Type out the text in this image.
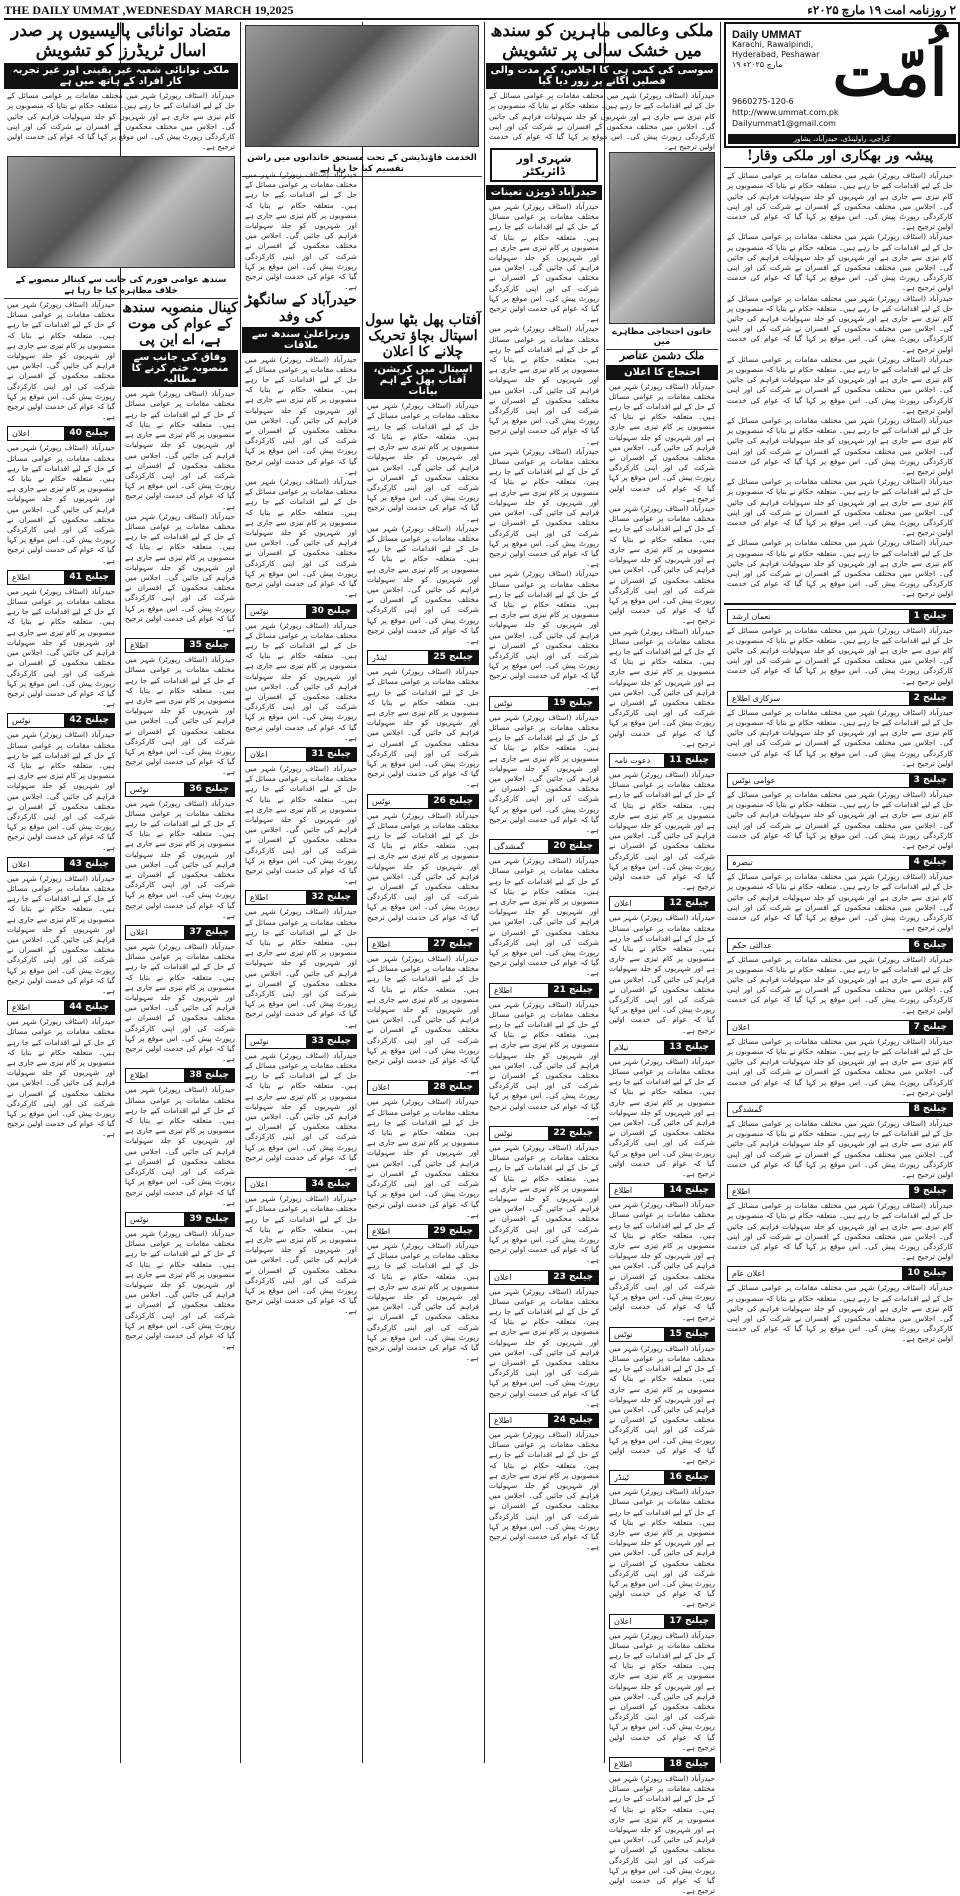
THE DAILY UMMAT ,WEDNESDAY MARCH 19,2025	۲ روزنامہ امت ۱۹ مارچ ۲۰۲۵ء
اُمّت
Daily UMMAT
Karachi, Rawalpindi, Hyderabad, Peshawar
۱۹ مارچ ۲۰۲۵ء
9660275-120-6
http://www.ummat.com.pk
Dailyummat1@gmail.com
کراچی، راولپنڈی، حیدرآباد، پشاور
پیشہ ور بھکاری اور ملکی وقار!
حیدرآباد (اسٹاف رپورٹر) شہر میں مختلف مقامات پر عوامی مسائل کے حل کے لیے اقدامات کیے جا رہے ہیں۔ متعلقہ حکام نے بتایا کہ منصوبوں پر کام تیزی سے جاری ہے اور شہریوں کو جلد سہولیات فراہم کی جائیں گی۔ اجلاس میں مختلف محکموں کے افسران نے شرکت کی اور اپنی کارکردگی رپورٹ پیش کی۔ اس موقع پر کہا گیا کہ عوام کی خدمت اولین ترجیح ہے۔
حیدرآباد (اسٹاف رپورٹر) شہر میں مختلف مقامات پر عوامی مسائل کے حل کے لیے اقدامات کیے جا رہے ہیں۔ متعلقہ حکام نے بتایا کہ منصوبوں پر کام تیزی سے جاری ہے اور شہریوں کو جلد سہولیات فراہم کی جائیں گی۔ اجلاس میں مختلف محکموں کے افسران نے شرکت کی اور اپنی کارکردگی رپورٹ پیش کی۔ اس موقع پر کہا گیا کہ عوام کی خدمت اولین ترجیح ہے۔
حیدرآباد (اسٹاف رپورٹر) شہر میں مختلف مقامات پر عوامی مسائل کے حل کے لیے اقدامات کیے جا رہے ہیں۔ متعلقہ حکام نے بتایا کہ منصوبوں پر کام تیزی سے جاری ہے اور شہریوں کو جلد سہولیات فراہم کی جائیں گی۔ اجلاس میں مختلف محکموں کے افسران نے شرکت کی اور اپنی کارکردگی رپورٹ پیش کی۔ اس موقع پر کہا گیا کہ عوام کی خدمت اولین ترجیح ہے۔
حیدرآباد (اسٹاف رپورٹر) شہر میں مختلف مقامات پر عوامی مسائل کے حل کے لیے اقدامات کیے جا رہے ہیں۔ متعلقہ حکام نے بتایا کہ منصوبوں پر کام تیزی سے جاری ہے اور شہریوں کو جلد سہولیات فراہم کی جائیں گی۔ اجلاس میں مختلف محکموں کے افسران نے شرکت کی اور اپنی کارکردگی رپورٹ پیش کی۔ اس موقع پر کہا گیا کہ عوام کی خدمت اولین ترجیح ہے۔
حیدرآباد (اسٹاف رپورٹر) شہر میں مختلف مقامات پر عوامی مسائل کے حل کے لیے اقدامات کیے جا رہے ہیں۔ متعلقہ حکام نے بتایا کہ منصوبوں پر کام تیزی سے جاری ہے اور شہریوں کو جلد سہولیات فراہم کی جائیں گی۔ اجلاس میں مختلف محکموں کے افسران نے شرکت کی اور اپنی کارکردگی رپورٹ پیش کی۔ اس موقع پر کہا گیا کہ عوام کی خدمت اولین ترجیح ہے۔
حیدرآباد (اسٹاف رپورٹر) شہر میں مختلف مقامات پر عوامی مسائل کے حل کے لیے اقدامات کیے جا رہے ہیں۔ متعلقہ حکام نے بتایا کہ منصوبوں پر کام تیزی سے جاری ہے اور شہریوں کو جلد سہولیات فراہم کی جائیں گی۔ اجلاس میں مختلف محکموں کے افسران نے شرکت کی اور اپنی کارکردگی رپورٹ پیش کی۔ اس موقع پر کہا گیا کہ عوام کی خدمت اولین ترجیح ہے۔
حیدرآباد (اسٹاف رپورٹر) شہر میں مختلف مقامات پر عوامی مسائل کے حل کے لیے اقدامات کیے جا رہے ہیں۔ متعلقہ حکام نے بتایا کہ منصوبوں پر کام تیزی سے جاری ہے اور شہریوں کو جلد سہولیات فراہم کی جائیں گی۔ اجلاس میں مختلف محکموں کے افسران نے شرکت کی اور اپنی کارکردگی رپورٹ پیش کی۔ اس موقع پر کہا گیا کہ عوام کی خدمت اولین ترجیح ہے۔
نعمان ارشد	چیلنج 1
حیدرآباد (اسٹاف رپورٹر) شہر میں مختلف مقامات پر عوامی مسائل کے حل کے لیے اقدامات کیے جا رہے ہیں۔ متعلقہ حکام نے بتایا کہ منصوبوں پر کام تیزی سے جاری ہے اور شہریوں کو جلد سہولیات فراہم کی جائیں گی۔ اجلاس میں مختلف محکموں کے افسران نے شرکت کی اور اپنی کارکردگی رپورٹ پیش کی۔ اس موقع پر کہا گیا کہ عوام کی خدمت اولین ترجیح ہے۔
سرکاری اطلاع	چیلنج 2
حیدرآباد (اسٹاف رپورٹر) شہر میں مختلف مقامات پر عوامی مسائل کے حل کے لیے اقدامات کیے جا رہے ہیں۔ متعلقہ حکام نے بتایا کہ منصوبوں پر کام تیزی سے جاری ہے اور شہریوں کو جلد سہولیات فراہم کی جائیں گی۔ اجلاس میں مختلف محکموں کے افسران نے شرکت کی اور اپنی کارکردگی رپورٹ پیش کی۔ اس موقع پر کہا گیا کہ عوام کی خدمت اولین ترجیح ہے۔
عوامی نوٹس	چیلنج 3
حیدرآباد (اسٹاف رپورٹر) شہر میں مختلف مقامات پر عوامی مسائل کے حل کے لیے اقدامات کیے جا رہے ہیں۔ متعلقہ حکام نے بتایا کہ منصوبوں پر کام تیزی سے جاری ہے اور شہریوں کو جلد سہولیات فراہم کی جائیں گی۔ اجلاس میں مختلف محکموں کے افسران نے شرکت کی اور اپنی کارکردگی رپورٹ پیش کی۔ اس موقع پر کہا گیا کہ عوام کی خدمت اولین ترجیح ہے۔
تبصرہ	چیلنج 4
حیدرآباد (اسٹاف رپورٹر) شہر میں مختلف مقامات پر عوامی مسائل کے حل کے لیے اقدامات کیے جا رہے ہیں۔ متعلقہ حکام نے بتایا کہ منصوبوں پر کام تیزی سے جاری ہے اور شہریوں کو جلد سہولیات فراہم کی جائیں گی۔ اجلاس میں مختلف محکموں کے افسران نے شرکت کی اور اپنی کارکردگی رپورٹ پیش کی۔ اس موقع پر کہا گیا کہ عوام کی خدمت اولین ترجیح ہے۔
عدالتی حکم	چیلنج 6
حیدرآباد (اسٹاف رپورٹر) شہر میں مختلف مقامات پر عوامی مسائل کے حل کے لیے اقدامات کیے جا رہے ہیں۔ متعلقہ حکام نے بتایا کہ منصوبوں پر کام تیزی سے جاری ہے اور شہریوں کو جلد سہولیات فراہم کی جائیں گی۔ اجلاس میں مختلف محکموں کے افسران نے شرکت کی اور اپنی کارکردگی رپورٹ پیش کی۔ اس موقع پر کہا گیا کہ عوام کی خدمت اولین ترجیح ہے۔
اعلان	چیلنج 7
حیدرآباد (اسٹاف رپورٹر) شہر میں مختلف مقامات پر عوامی مسائل کے حل کے لیے اقدامات کیے جا رہے ہیں۔ متعلقہ حکام نے بتایا کہ منصوبوں پر کام تیزی سے جاری ہے اور شہریوں کو جلد سہولیات فراہم کی جائیں گی۔ اجلاس میں مختلف محکموں کے افسران نے شرکت کی اور اپنی کارکردگی رپورٹ پیش کی۔ اس موقع پر کہا گیا کہ عوام کی خدمت اولین ترجیح ہے۔
گمشدگی	چیلنج 8
حیدرآباد (اسٹاف رپورٹر) شہر میں مختلف مقامات پر عوامی مسائل کے حل کے لیے اقدامات کیے جا رہے ہیں۔ متعلقہ حکام نے بتایا کہ منصوبوں پر کام تیزی سے جاری ہے اور شہریوں کو جلد سہولیات فراہم کی جائیں گی۔ اجلاس میں مختلف محکموں کے افسران نے شرکت کی اور اپنی کارکردگی رپورٹ پیش کی۔ اس موقع پر کہا گیا کہ عوام کی خدمت اولین ترجیح ہے۔
اطلاع	چیلنج 9
حیدرآباد (اسٹاف رپورٹر) شہر میں مختلف مقامات پر عوامی مسائل کے حل کے لیے اقدامات کیے جا رہے ہیں۔ متعلقہ حکام نے بتایا کہ منصوبوں پر کام تیزی سے جاری ہے اور شہریوں کو جلد سہولیات فراہم کی جائیں گی۔ اجلاس میں مختلف محکموں کے افسران نے شرکت کی اور اپنی کارکردگی رپورٹ پیش کی۔ اس موقع پر کہا گیا کہ عوام کی خدمت اولین ترجیح ہے۔
اعلان عام	چیلنج 10
حیدرآباد (اسٹاف رپورٹر) شہر میں مختلف مقامات پر عوامی مسائل کے حل کے لیے اقدامات کیے جا رہے ہیں۔ متعلقہ حکام نے بتایا کہ منصوبوں پر کام تیزی سے جاری ہے اور شہریوں کو جلد سہولیات فراہم کی جائیں گی۔ اجلاس میں مختلف محکموں کے افسران نے شرکت کی اور اپنی کارکردگی رپورٹ پیش کی۔ اس موقع پر کہا گیا کہ عوام کی خدمت اولین ترجیح ہے۔
خاتون احتجاجی مظاہرے میں
ملک دشمن عناصر
احتجاج کا اعلان
حیدرآباد (اسٹاف رپورٹر) شہر میں مختلف مقامات پر عوامی مسائل کے حل کے لیے اقدامات کیے جا رہے ہیں۔ متعلقہ حکام نے بتایا کہ منصوبوں پر کام تیزی سے جاری ہے اور شہریوں کو جلد سہولیات فراہم کی جائیں گی۔ اجلاس میں مختلف محکموں کے افسران نے شرکت کی اور اپنی کارکردگی رپورٹ پیش کی۔ اس موقع پر کہا گیا کہ عوام کی خدمت اولین ترجیح ہے۔
حیدرآباد (اسٹاف رپورٹر) شہر میں مختلف مقامات پر عوامی مسائل کے حل کے لیے اقدامات کیے جا رہے ہیں۔ متعلقہ حکام نے بتایا کہ منصوبوں پر کام تیزی سے جاری ہے اور شہریوں کو جلد سہولیات فراہم کی جائیں گی۔ اجلاس میں مختلف محکموں کے افسران نے شرکت کی اور اپنی کارکردگی رپورٹ پیش کی۔ اس موقع پر کہا گیا کہ عوام کی خدمت اولین ترجیح ہے۔
حیدرآباد (اسٹاف رپورٹر) شہر میں مختلف مقامات پر عوامی مسائل کے حل کے لیے اقدامات کیے جا رہے ہیں۔ متعلقہ حکام نے بتایا کہ منصوبوں پر کام تیزی سے جاری ہے اور شہریوں کو جلد سہولیات فراہم کی جائیں گی۔ اجلاس میں مختلف محکموں کے افسران نے شرکت کی اور اپنی کارکردگی رپورٹ پیش کی۔ اس موقع پر کہا گیا کہ عوام کی خدمت اولین ترجیح ہے۔
دعوت نامہ	چیلنج 11
حیدرآباد (اسٹاف رپورٹر) شہر میں مختلف مقامات پر عوامی مسائل کے حل کے لیے اقدامات کیے جا رہے ہیں۔ متعلقہ حکام نے بتایا کہ منصوبوں پر کام تیزی سے جاری ہے اور شہریوں کو جلد سہولیات فراہم کی جائیں گی۔ اجلاس میں مختلف محکموں کے افسران نے شرکت کی اور اپنی کارکردگی رپورٹ پیش کی۔ اس موقع پر کہا گیا کہ عوام کی خدمت اولین ترجیح ہے۔
اعلان	چیلنج 12
حیدرآباد (اسٹاف رپورٹر) شہر میں مختلف مقامات پر عوامی مسائل کے حل کے لیے اقدامات کیے جا رہے ہیں۔ متعلقہ حکام نے بتایا کہ منصوبوں پر کام تیزی سے جاری ہے اور شہریوں کو جلد سہولیات فراہم کی جائیں گی۔ اجلاس میں مختلف محکموں کے افسران نے شرکت کی اور اپنی کارکردگی رپورٹ پیش کی۔ اس موقع پر کہا گیا کہ عوام کی خدمت اولین ترجیح ہے۔
نیلام	چیلنج 13
حیدرآباد (اسٹاف رپورٹر) شہر میں مختلف مقامات پر عوامی مسائل کے حل کے لیے اقدامات کیے جا رہے ہیں۔ متعلقہ حکام نے بتایا کہ منصوبوں پر کام تیزی سے جاری ہے اور شہریوں کو جلد سہولیات فراہم کی جائیں گی۔ اجلاس میں مختلف محکموں کے افسران نے شرکت کی اور اپنی کارکردگی رپورٹ پیش کی۔ اس موقع پر کہا گیا کہ عوام کی خدمت اولین ترجیح ہے۔
اطلاع	چیلنج 14
حیدرآباد (اسٹاف رپورٹر) شہر میں مختلف مقامات پر عوامی مسائل کے حل کے لیے اقدامات کیے جا رہے ہیں۔ متعلقہ حکام نے بتایا کہ منصوبوں پر کام تیزی سے جاری ہے اور شہریوں کو جلد سہولیات فراہم کی جائیں گی۔ اجلاس میں مختلف محکموں کے افسران نے شرکت کی اور اپنی کارکردگی رپورٹ پیش کی۔ اس موقع پر کہا گیا کہ عوام کی خدمت اولین ترجیح ہے۔
نوٹس	چیلنج 15
حیدرآباد (اسٹاف رپورٹر) شہر میں مختلف مقامات پر عوامی مسائل کے حل کے لیے اقدامات کیے جا رہے ہیں۔ متعلقہ حکام نے بتایا کہ منصوبوں پر کام تیزی سے جاری ہے اور شہریوں کو جلد سہولیات فراہم کی جائیں گی۔ اجلاس میں مختلف محکموں کے افسران نے شرکت کی اور اپنی کارکردگی رپورٹ پیش کی۔ اس موقع پر کہا گیا کہ عوام کی خدمت اولین ترجیح ہے۔
ٹینڈر	چیلنج 16
حیدرآباد (اسٹاف رپورٹر) شہر میں مختلف مقامات پر عوامی مسائل کے حل کے لیے اقدامات کیے جا رہے ہیں۔ متعلقہ حکام نے بتایا کہ منصوبوں پر کام تیزی سے جاری ہے اور شہریوں کو جلد سہولیات فراہم کی جائیں گی۔ اجلاس میں مختلف محکموں کے افسران نے شرکت کی اور اپنی کارکردگی رپورٹ پیش کی۔ اس موقع پر کہا گیا کہ عوام کی خدمت اولین ترجیح ہے۔
اعلان	چیلنج 17
حیدرآباد (اسٹاف رپورٹر) شہر میں مختلف مقامات پر عوامی مسائل کے حل کے لیے اقدامات کیے جا رہے ہیں۔ متعلقہ حکام نے بتایا کہ منصوبوں پر کام تیزی سے جاری ہے اور شہریوں کو جلد سہولیات فراہم کی جائیں گی۔ اجلاس میں مختلف محکموں کے افسران نے شرکت کی اور اپنی کارکردگی رپورٹ پیش کی۔ اس موقع پر کہا گیا کہ عوام کی خدمت اولین ترجیح ہے۔
اطلاع	چیلنج 18
حیدرآباد (اسٹاف رپورٹر) شہر میں مختلف مقامات پر عوامی مسائل کے حل کے لیے اقدامات کیے جا رہے ہیں۔ متعلقہ حکام نے بتایا کہ منصوبوں پر کام تیزی سے جاری ہے اور شہریوں کو جلد سہولیات فراہم کی جائیں گی۔ اجلاس میں مختلف محکموں کے افسران نے شرکت کی اور اپنی کارکردگی رپورٹ پیش کی۔ اس موقع پر کہا گیا کہ عوام کی خدمت اولین ترجیح ہے۔
ملکی وعالمی ماہرین کو سندھ میں خشک سالی پر تشویش
سوسی کی کمی ہی کا اجلاس، کم مدت والی فصلیں اگانے پر زور دیا گیا
حیدرآباد (اسٹاف رپورٹر) شہر میں مختلف مقامات پر عوامی مسائل کے حل کے لیے اقدامات کیے جا رہے ہیں۔ متعلقہ حکام نے بتایا کہ منصوبوں پر کام تیزی سے جاری ہے اور شہریوں کو جلد سہولیات فراہم کی جائیں گی۔ اجلاس میں مختلف محکموں کے افسران نے شرکت کی اور اپنی کارکردگی رپورٹ پیش کی۔ اس موقع پر کہا گیا کہ عوام کی خدمت اولین ترجیح ہے۔
شہری اور ڈائریکٹر
حیدرآباد ڈویژن تعینات
حیدرآباد (اسٹاف رپورٹر) شہر میں مختلف مقامات پر عوامی مسائل کے حل کے لیے اقدامات کیے جا رہے ہیں۔ متعلقہ حکام نے بتایا کہ منصوبوں پر کام تیزی سے جاری ہے اور شہریوں کو جلد سہولیات فراہم کی جائیں گی۔ اجلاس میں مختلف محکموں کے افسران نے شرکت کی اور اپنی کارکردگی رپورٹ پیش کی۔ اس موقع پر کہا گیا کہ عوام کی خدمت اولین ترجیح ہے۔
حیدرآباد (اسٹاف رپورٹر) شہر میں مختلف مقامات پر عوامی مسائل کے حل کے لیے اقدامات کیے جا رہے ہیں۔ متعلقہ حکام نے بتایا کہ منصوبوں پر کام تیزی سے جاری ہے اور شہریوں کو جلد سہولیات فراہم کی جائیں گی۔ اجلاس میں مختلف محکموں کے افسران نے شرکت کی اور اپنی کارکردگی رپورٹ پیش کی۔ اس موقع پر کہا گیا کہ عوام کی خدمت اولین ترجیح ہے۔
حیدرآباد (اسٹاف رپورٹر) شہر میں مختلف مقامات پر عوامی مسائل کے حل کے لیے اقدامات کیے جا رہے ہیں۔ متعلقہ حکام نے بتایا کہ منصوبوں پر کام تیزی سے جاری ہے اور شہریوں کو جلد سہولیات فراہم کی جائیں گی۔ اجلاس میں مختلف محکموں کے افسران نے شرکت کی اور اپنی کارکردگی رپورٹ پیش کی۔ اس موقع پر کہا گیا کہ عوام کی خدمت اولین ترجیح ہے۔
حیدرآباد (اسٹاف رپورٹر) شہر میں مختلف مقامات پر عوامی مسائل کے حل کے لیے اقدامات کیے جا رہے ہیں۔ متعلقہ حکام نے بتایا کہ منصوبوں پر کام تیزی سے جاری ہے اور شہریوں کو جلد سہولیات فراہم کی جائیں گی۔ اجلاس میں مختلف محکموں کے افسران نے شرکت کی اور اپنی کارکردگی رپورٹ پیش کی۔ اس موقع پر کہا گیا کہ عوام کی خدمت اولین ترجیح ہے۔
نوٹس	چیلنج 19
حیدرآباد (اسٹاف رپورٹر) شہر میں مختلف مقامات پر عوامی مسائل کے حل کے لیے اقدامات کیے جا رہے ہیں۔ متعلقہ حکام نے بتایا کہ منصوبوں پر کام تیزی سے جاری ہے اور شہریوں کو جلد سہولیات فراہم کی جائیں گی۔ اجلاس میں مختلف محکموں کے افسران نے شرکت کی اور اپنی کارکردگی رپورٹ پیش کی۔ اس موقع پر کہا گیا کہ عوام کی خدمت اولین ترجیح ہے۔
گمشدگی	چیلنج 20
حیدرآباد (اسٹاف رپورٹر) شہر میں مختلف مقامات پر عوامی مسائل کے حل کے لیے اقدامات کیے جا رہے ہیں۔ متعلقہ حکام نے بتایا کہ منصوبوں پر کام تیزی سے جاری ہے اور شہریوں کو جلد سہولیات فراہم کی جائیں گی۔ اجلاس میں مختلف محکموں کے افسران نے شرکت کی اور اپنی کارکردگی رپورٹ پیش کی۔ اس موقع پر کہا گیا کہ عوام کی خدمت اولین ترجیح ہے۔
اطلاع	چیلنج 21
حیدرآباد (اسٹاف رپورٹر) شہر میں مختلف مقامات پر عوامی مسائل کے حل کے لیے اقدامات کیے جا رہے ہیں۔ متعلقہ حکام نے بتایا کہ منصوبوں پر کام تیزی سے جاری ہے اور شہریوں کو جلد سہولیات فراہم کی جائیں گی۔ اجلاس میں مختلف محکموں کے افسران نے شرکت کی اور اپنی کارکردگی رپورٹ پیش کی۔ اس موقع پر کہا گیا کہ عوام کی خدمت اولین ترجیح ہے۔
نوٹس	چیلنج 22
حیدرآباد (اسٹاف رپورٹر) شہر میں مختلف مقامات پر عوامی مسائل کے حل کے لیے اقدامات کیے جا رہے ہیں۔ متعلقہ حکام نے بتایا کہ منصوبوں پر کام تیزی سے جاری ہے اور شہریوں کو جلد سہولیات فراہم کی جائیں گی۔ اجلاس میں مختلف محکموں کے افسران نے شرکت کی اور اپنی کارکردگی رپورٹ پیش کی۔ اس موقع پر کہا گیا کہ عوام کی خدمت اولین ترجیح ہے۔
اعلان	چیلنج 23
حیدرآباد (اسٹاف رپورٹر) شہر میں مختلف مقامات پر عوامی مسائل کے حل کے لیے اقدامات کیے جا رہے ہیں۔ متعلقہ حکام نے بتایا کہ منصوبوں پر کام تیزی سے جاری ہے اور شہریوں کو جلد سہولیات فراہم کی جائیں گی۔ اجلاس میں مختلف محکموں کے افسران نے شرکت کی اور اپنی کارکردگی رپورٹ پیش کی۔ اس موقع پر کہا گیا کہ عوام کی خدمت اولین ترجیح ہے۔
اطلاع	چیلنج 24
حیدرآباد (اسٹاف رپورٹر) شہر میں مختلف مقامات پر عوامی مسائل کے حل کے لیے اقدامات کیے جا رہے ہیں۔ متعلقہ حکام نے بتایا کہ منصوبوں پر کام تیزی سے جاری ہے اور شہریوں کو جلد سہولیات فراہم کی جائیں گی۔ اجلاس میں مختلف محکموں کے افسران نے شرکت کی اور اپنی کارکردگی رپورٹ پیش کی۔ اس موقع پر کہا گیا کہ عوام کی خدمت اولین ترجیح ہے۔
الخدمت فاؤنڈیشن کے تحت مستحق خاندانوں میں راشن تقسیم کیا جا رہا ہے
آفتاب پھل بٹھا سول اسپتال بچاؤ تحریک چلانے کا اعلان
اسپتال میں کرپشن، آفتاب پھل کے اہم بیانات
حیدرآباد (اسٹاف رپورٹر) شہر میں مختلف مقامات پر عوامی مسائل کے حل کے لیے اقدامات کیے جا رہے ہیں۔ متعلقہ حکام نے بتایا کہ منصوبوں پر کام تیزی سے جاری ہے اور شہریوں کو جلد سہولیات فراہم کی جائیں گی۔ اجلاس میں مختلف محکموں کے افسران نے شرکت کی اور اپنی کارکردگی رپورٹ پیش کی۔ اس موقع پر کہا گیا کہ عوام کی خدمت اولین ترجیح ہے۔
حیدرآباد (اسٹاف رپورٹر) شہر میں مختلف مقامات پر عوامی مسائل کے حل کے لیے اقدامات کیے جا رہے ہیں۔ متعلقہ حکام نے بتایا کہ منصوبوں پر کام تیزی سے جاری ہے اور شہریوں کو جلد سہولیات فراہم کی جائیں گی۔ اجلاس میں مختلف محکموں کے افسران نے شرکت کی اور اپنی کارکردگی رپورٹ پیش کی۔ اس موقع پر کہا گیا کہ عوام کی خدمت اولین ترجیح ہے۔
ٹینڈر	چیلنج 25
حیدرآباد (اسٹاف رپورٹر) شہر میں مختلف مقامات پر عوامی مسائل کے حل کے لیے اقدامات کیے جا رہے ہیں۔ متعلقہ حکام نے بتایا کہ منصوبوں پر کام تیزی سے جاری ہے اور شہریوں کو جلد سہولیات فراہم کی جائیں گی۔ اجلاس میں مختلف محکموں کے افسران نے شرکت کی اور اپنی کارکردگی رپورٹ پیش کی۔ اس موقع پر کہا گیا کہ عوام کی خدمت اولین ترجیح ہے۔
نوٹس	چیلنج 26
حیدرآباد (اسٹاف رپورٹر) شہر میں مختلف مقامات پر عوامی مسائل کے حل کے لیے اقدامات کیے جا رہے ہیں۔ متعلقہ حکام نے بتایا کہ منصوبوں پر کام تیزی سے جاری ہے اور شہریوں کو جلد سہولیات فراہم کی جائیں گی۔ اجلاس میں مختلف محکموں کے افسران نے شرکت کی اور اپنی کارکردگی رپورٹ پیش کی۔ اس موقع پر کہا گیا کہ عوام کی خدمت اولین ترجیح ہے۔
اطلاع	چیلنج 27
حیدرآباد (اسٹاف رپورٹر) شہر میں مختلف مقامات پر عوامی مسائل کے حل کے لیے اقدامات کیے جا رہے ہیں۔ متعلقہ حکام نے بتایا کہ منصوبوں پر کام تیزی سے جاری ہے اور شہریوں کو جلد سہولیات فراہم کی جائیں گی۔ اجلاس میں مختلف محکموں کے افسران نے شرکت کی اور اپنی کارکردگی رپورٹ پیش کی۔ اس موقع پر کہا گیا کہ عوام کی خدمت اولین ترجیح ہے۔
اعلان	چیلنج 28
حیدرآباد (اسٹاف رپورٹر) شہر میں مختلف مقامات پر عوامی مسائل کے حل کے لیے اقدامات کیے جا رہے ہیں۔ متعلقہ حکام نے بتایا کہ منصوبوں پر کام تیزی سے جاری ہے اور شہریوں کو جلد سہولیات فراہم کی جائیں گی۔ اجلاس میں مختلف محکموں کے افسران نے شرکت کی اور اپنی کارکردگی رپورٹ پیش کی۔ اس موقع پر کہا گیا کہ عوام کی خدمت اولین ترجیح ہے۔
اطلاع	چیلنج 29
حیدرآباد (اسٹاف رپورٹر) شہر میں مختلف مقامات پر عوامی مسائل کے حل کے لیے اقدامات کیے جا رہے ہیں۔ متعلقہ حکام نے بتایا کہ منصوبوں پر کام تیزی سے جاری ہے اور شہریوں کو جلد سہولیات فراہم کی جائیں گی۔ اجلاس میں مختلف محکموں کے افسران نے شرکت کی اور اپنی کارکردگی رپورٹ پیش کی۔ اس موقع پر کہا گیا کہ عوام کی خدمت اولین ترجیح ہے۔
حیدرآباد (اسٹاف رپورٹر) شہر میں مختلف مقامات پر عوامی مسائل کے حل کے لیے اقدامات کیے جا رہے ہیں۔ متعلقہ حکام نے بتایا کہ منصوبوں پر کام تیزی سے جاری ہے اور شہریوں کو جلد سہولیات فراہم کی جائیں گی۔ اجلاس میں مختلف محکموں کے افسران نے شرکت کی اور اپنی کارکردگی رپورٹ پیش کی۔ اس موقع پر کہا گیا کہ عوام کی خدمت اولین ترجیح ہے۔
حیدرآباد کے سانگھڑ کی وفد
وزیراعلیٰ سندھ سے ملاقات
حیدرآباد (اسٹاف رپورٹر) شہر میں مختلف مقامات پر عوامی مسائل کے حل کے لیے اقدامات کیے جا رہے ہیں۔ متعلقہ حکام نے بتایا کہ منصوبوں پر کام تیزی سے جاری ہے اور شہریوں کو جلد سہولیات فراہم کی جائیں گی۔ اجلاس میں مختلف محکموں کے افسران نے شرکت کی اور اپنی کارکردگی رپورٹ پیش کی۔ اس موقع پر کہا گیا کہ عوام کی خدمت اولین ترجیح ہے۔
حیدرآباد (اسٹاف رپورٹر) شہر میں مختلف مقامات پر عوامی مسائل کے حل کے لیے اقدامات کیے جا رہے ہیں۔ متعلقہ حکام نے بتایا کہ منصوبوں پر کام تیزی سے جاری ہے اور شہریوں کو جلد سہولیات فراہم کی جائیں گی۔ اجلاس میں مختلف محکموں کے افسران نے شرکت کی اور اپنی کارکردگی رپورٹ پیش کی۔ اس موقع پر کہا گیا کہ عوام کی خدمت اولین ترجیح ہے۔
نوٹس	چیلنج 30
حیدرآباد (اسٹاف رپورٹر) شہر میں مختلف مقامات پر عوامی مسائل کے حل کے لیے اقدامات کیے جا رہے ہیں۔ متعلقہ حکام نے بتایا کہ منصوبوں پر کام تیزی سے جاری ہے اور شہریوں کو جلد سہولیات فراہم کی جائیں گی۔ اجلاس میں مختلف محکموں کے افسران نے شرکت کی اور اپنی کارکردگی رپورٹ پیش کی۔ اس موقع پر کہا گیا کہ عوام کی خدمت اولین ترجیح ہے۔
اعلان	چیلنج 31
حیدرآباد (اسٹاف رپورٹر) شہر میں مختلف مقامات پر عوامی مسائل کے حل کے لیے اقدامات کیے جا رہے ہیں۔ متعلقہ حکام نے بتایا کہ منصوبوں پر کام تیزی سے جاری ہے اور شہریوں کو جلد سہولیات فراہم کی جائیں گی۔ اجلاس میں مختلف محکموں کے افسران نے شرکت کی اور اپنی کارکردگی رپورٹ پیش کی۔ اس موقع پر کہا گیا کہ عوام کی خدمت اولین ترجیح ہے۔
اطلاع	چیلنج 32
حیدرآباد (اسٹاف رپورٹر) شہر میں مختلف مقامات پر عوامی مسائل کے حل کے لیے اقدامات کیے جا رہے ہیں۔ متعلقہ حکام نے بتایا کہ منصوبوں پر کام تیزی سے جاری ہے اور شہریوں کو جلد سہولیات فراہم کی جائیں گی۔ اجلاس میں مختلف محکموں کے افسران نے شرکت کی اور اپنی کارکردگی رپورٹ پیش کی۔ اس موقع پر کہا گیا کہ عوام کی خدمت اولین ترجیح ہے۔
نوٹس	چیلنج 33
حیدرآباد (اسٹاف رپورٹر) شہر میں مختلف مقامات پر عوامی مسائل کے حل کے لیے اقدامات کیے جا رہے ہیں۔ متعلقہ حکام نے بتایا کہ منصوبوں پر کام تیزی سے جاری ہے اور شہریوں کو جلد سہولیات فراہم کی جائیں گی۔ اجلاس میں مختلف محکموں کے افسران نے شرکت کی اور اپنی کارکردگی رپورٹ پیش کی۔ اس موقع پر کہا گیا کہ عوام کی خدمت اولین ترجیح ہے۔
اعلان	چیلنج 34
حیدرآباد (اسٹاف رپورٹر) شہر میں مختلف مقامات پر عوامی مسائل کے حل کے لیے اقدامات کیے جا رہے ہیں۔ متعلقہ حکام نے بتایا کہ منصوبوں پر کام تیزی سے جاری ہے اور شہریوں کو جلد سہولیات فراہم کی جائیں گی۔ اجلاس میں مختلف محکموں کے افسران نے شرکت کی اور اپنی کارکردگی رپورٹ پیش کی۔ اس موقع پر کہا گیا کہ عوام کی خدمت اولین ترجیح ہے۔
کینال منصوبہ سندھ کے عوام کی موت ہے، اے این پی
وفاق کی جانب سے منصوبہ ختم کرنے کا مطالبہ
حیدرآباد (اسٹاف رپورٹر) شہر میں مختلف مقامات پر عوامی مسائل کے حل کے لیے اقدامات کیے جا رہے ہیں۔ متعلقہ حکام نے بتایا کہ منصوبوں پر کام تیزی سے جاری ہے اور شہریوں کو جلد سہولیات فراہم کی جائیں گی۔ اجلاس میں مختلف محکموں کے افسران نے شرکت کی اور اپنی کارکردگی رپورٹ پیش کی۔ اس موقع پر کہا گیا کہ عوام کی خدمت اولین ترجیح ہے۔
حیدرآباد (اسٹاف رپورٹر) شہر میں مختلف مقامات پر عوامی مسائل کے حل کے لیے اقدامات کیے جا رہے ہیں۔ متعلقہ حکام نے بتایا کہ منصوبوں پر کام تیزی سے جاری ہے اور شہریوں کو جلد سہولیات فراہم کی جائیں گی۔ اجلاس میں مختلف محکموں کے افسران نے شرکت کی اور اپنی کارکردگی رپورٹ پیش کی۔ اس موقع پر کہا گیا کہ عوام کی خدمت اولین ترجیح ہے۔
اطلاع	چیلنج 35
حیدرآباد (اسٹاف رپورٹر) شہر میں مختلف مقامات پر عوامی مسائل کے حل کے لیے اقدامات کیے جا رہے ہیں۔ متعلقہ حکام نے بتایا کہ منصوبوں پر کام تیزی سے جاری ہے اور شہریوں کو جلد سہولیات فراہم کی جائیں گی۔ اجلاس میں مختلف محکموں کے افسران نے شرکت کی اور اپنی کارکردگی رپورٹ پیش کی۔ اس موقع پر کہا گیا کہ عوام کی خدمت اولین ترجیح ہے۔
نوٹس	چیلنج 36
حیدرآباد (اسٹاف رپورٹر) شہر میں مختلف مقامات پر عوامی مسائل کے حل کے لیے اقدامات کیے جا رہے ہیں۔ متعلقہ حکام نے بتایا کہ منصوبوں پر کام تیزی سے جاری ہے اور شہریوں کو جلد سہولیات فراہم کی جائیں گی۔ اجلاس میں مختلف محکموں کے افسران نے شرکت کی اور اپنی کارکردگی رپورٹ پیش کی۔ اس موقع پر کہا گیا کہ عوام کی خدمت اولین ترجیح ہے۔
اعلان	چیلنج 37
حیدرآباد (اسٹاف رپورٹر) شہر میں مختلف مقامات پر عوامی مسائل کے حل کے لیے اقدامات کیے جا رہے ہیں۔ متعلقہ حکام نے بتایا کہ منصوبوں پر کام تیزی سے جاری ہے اور شہریوں کو جلد سہولیات فراہم کی جائیں گی۔ اجلاس میں مختلف محکموں کے افسران نے شرکت کی اور اپنی کارکردگی رپورٹ پیش کی۔ اس موقع پر کہا گیا کہ عوام کی خدمت اولین ترجیح ہے۔
اطلاع	چیلنج 38
حیدرآباد (اسٹاف رپورٹر) شہر میں مختلف مقامات پر عوامی مسائل کے حل کے لیے اقدامات کیے جا رہے ہیں۔ متعلقہ حکام نے بتایا کہ منصوبوں پر کام تیزی سے جاری ہے اور شہریوں کو جلد سہولیات فراہم کی جائیں گی۔ اجلاس میں مختلف محکموں کے افسران نے شرکت کی اور اپنی کارکردگی رپورٹ پیش کی۔ اس موقع پر کہا گیا کہ عوام کی خدمت اولین ترجیح ہے۔
نوٹس	چیلنج 39
حیدرآباد (اسٹاف رپورٹر) شہر میں مختلف مقامات پر عوامی مسائل کے حل کے لیے اقدامات کیے جا رہے ہیں۔ متعلقہ حکام نے بتایا کہ منصوبوں پر کام تیزی سے جاری ہے اور شہریوں کو جلد سہولیات فراہم کی جائیں گی۔ اجلاس میں مختلف محکموں کے افسران نے شرکت کی اور اپنی کارکردگی رپورٹ پیش کی۔ اس موقع پر کہا گیا کہ عوام کی خدمت اولین ترجیح ہے۔
متضاد توانائی پالیسیوں پر صدر اسال ٹریڈرز کو تشویش
ملکی توانائی شعبہ غیر یقینی اور غیر تجربہ کار افراد کے ہاتھ میں ہے
حیدرآباد (اسٹاف رپورٹر) شہر میں مختلف مقامات پر عوامی مسائل کے حل کے لیے اقدامات کیے جا رہے ہیں۔ متعلقہ حکام نے بتایا کہ منصوبوں پر کام تیزی سے جاری ہے اور شہریوں کو جلد سہولیات فراہم کی جائیں گی۔ اجلاس میں مختلف محکموں کے افسران نے شرکت کی اور اپنی کارکردگی رپورٹ پیش کی۔ اس موقع پر کہا گیا کہ عوام کی خدمت اولین ترجیح ہے۔
سندھ عوامی فورم کی جانب سے کینالز منصوبے کے خلاف مظاہرہ کیا جا رہا ہے
حیدرآباد (اسٹاف رپورٹر) شہر میں مختلف مقامات پر عوامی مسائل کے حل کے لیے اقدامات کیے جا رہے ہیں۔ متعلقہ حکام نے بتایا کہ منصوبوں پر کام تیزی سے جاری ہے اور شہریوں کو جلد سہولیات فراہم کی جائیں گی۔ اجلاس میں مختلف محکموں کے افسران نے شرکت کی اور اپنی کارکردگی رپورٹ پیش کی۔ اس موقع پر کہا گیا کہ عوام کی خدمت اولین ترجیح ہے۔
اعلان	چیلنج 40
حیدرآباد (اسٹاف رپورٹر) شہر میں مختلف مقامات پر عوامی مسائل کے حل کے لیے اقدامات کیے جا رہے ہیں۔ متعلقہ حکام نے بتایا کہ منصوبوں پر کام تیزی سے جاری ہے اور شہریوں کو جلد سہولیات فراہم کی جائیں گی۔ اجلاس میں مختلف محکموں کے افسران نے شرکت کی اور اپنی کارکردگی رپورٹ پیش کی۔ اس موقع پر کہا گیا کہ عوام کی خدمت اولین ترجیح ہے۔
اطلاع	چیلنج 41
حیدرآباد (اسٹاف رپورٹر) شہر میں مختلف مقامات پر عوامی مسائل کے حل کے لیے اقدامات کیے جا رہے ہیں۔ متعلقہ حکام نے بتایا کہ منصوبوں پر کام تیزی سے جاری ہے اور شہریوں کو جلد سہولیات فراہم کی جائیں گی۔ اجلاس میں مختلف محکموں کے افسران نے شرکت کی اور اپنی کارکردگی رپورٹ پیش کی۔ اس موقع پر کہا گیا کہ عوام کی خدمت اولین ترجیح ہے۔
نوٹس	چیلنج 42
حیدرآباد (اسٹاف رپورٹر) شہر میں مختلف مقامات پر عوامی مسائل کے حل کے لیے اقدامات کیے جا رہے ہیں۔ متعلقہ حکام نے بتایا کہ منصوبوں پر کام تیزی سے جاری ہے اور شہریوں کو جلد سہولیات فراہم کی جائیں گی۔ اجلاس میں مختلف محکموں کے افسران نے شرکت کی اور اپنی کارکردگی رپورٹ پیش کی۔ اس موقع پر کہا گیا کہ عوام کی خدمت اولین ترجیح ہے۔
اعلان	چیلنج 43
حیدرآباد (اسٹاف رپورٹر) شہر میں مختلف مقامات پر عوامی مسائل کے حل کے لیے اقدامات کیے جا رہے ہیں۔ متعلقہ حکام نے بتایا کہ منصوبوں پر کام تیزی سے جاری ہے اور شہریوں کو جلد سہولیات فراہم کی جائیں گی۔ اجلاس میں مختلف محکموں کے افسران نے شرکت کی اور اپنی کارکردگی رپورٹ پیش کی۔ اس موقع پر کہا گیا کہ عوام کی خدمت اولین ترجیح ہے۔
اطلاع	چیلنج 44
حیدرآباد (اسٹاف رپورٹر) شہر میں مختلف مقامات پر عوامی مسائل کے حل کے لیے اقدامات کیے جا رہے ہیں۔ متعلقہ حکام نے بتایا کہ منصوبوں پر کام تیزی سے جاری ہے اور شہریوں کو جلد سہولیات فراہم کی جائیں گی۔ اجلاس میں مختلف محکموں کے افسران نے شرکت کی اور اپنی کارکردگی رپورٹ پیش کی۔ اس موقع پر کہا گیا کہ عوام کی خدمت اولین ترجیح ہے۔
